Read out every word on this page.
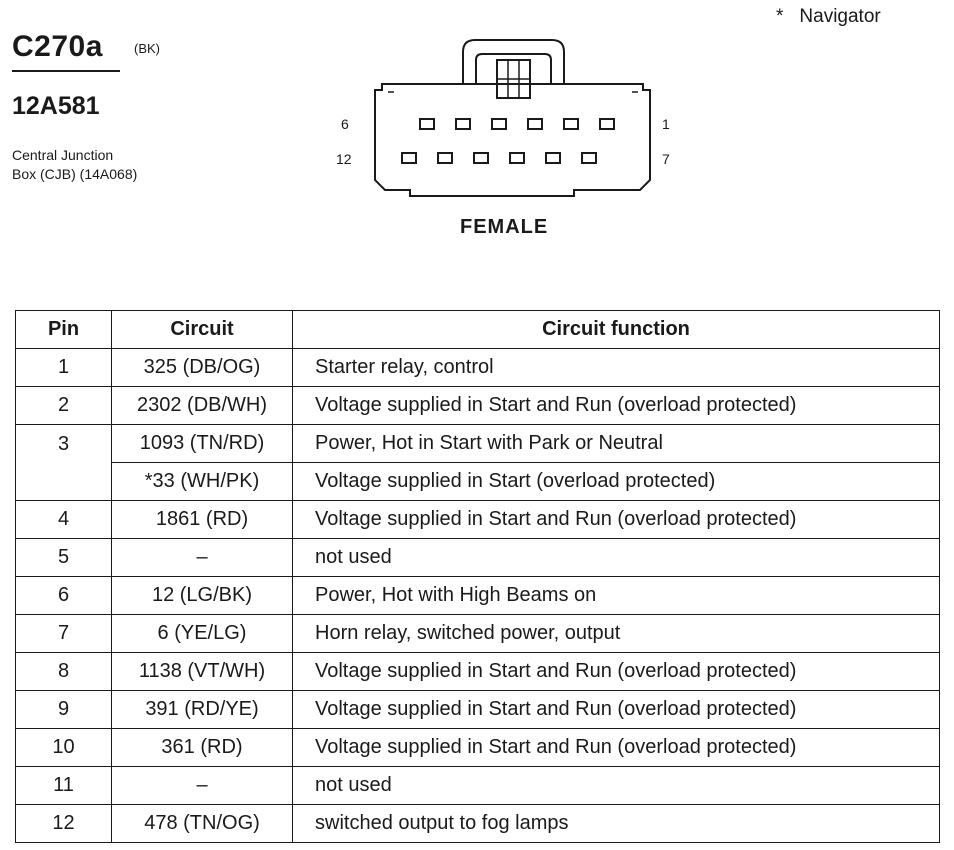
* Navigator
C270a (BK)
12A581
Central Junction
Box (CJB) (14A068)
6	1
12	7
FEMALE
Pin	Circuit	Circuit function
1	325 (DB/OG)	Starter relay, control
2	2302 (DB/WH)	Voltage supplied in Start and Run (overload protected)
3	1093 (TN/RD)	Power, Hot in Start with Park or Neutral
	*33 (WH/PK)	Voltage supplied in Start (overload protected)
4	1861 (RD)	Voltage supplied in Start and Run (overload protected)
5	–	not used
6	12 (LG/BK)	Power, Hot with High Beams on
7	6 (YE/LG)	Horn relay, switched power, output
8	1138 (VT/WH)	Voltage supplied in Start and Run (overload protected)
9	391 (RD/YE)	Voltage supplied in Start and Run (overload protected)
10	361 (RD)	Voltage supplied in Start and Run (overload protected)
11	–	not used
12	478 (TN/OG)	switched output to fog lamps
